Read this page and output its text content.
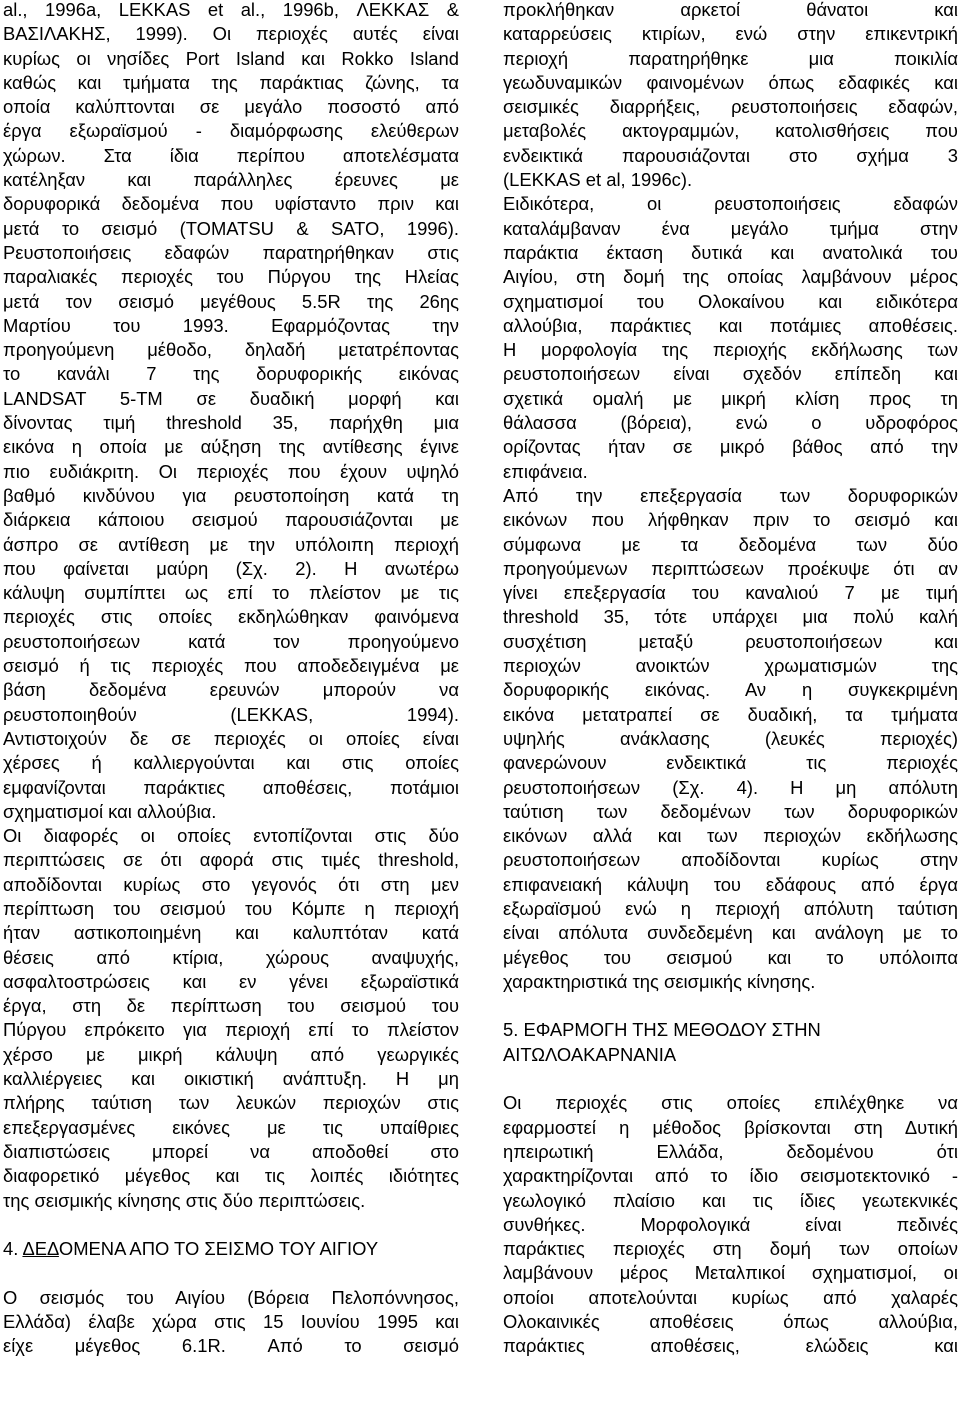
al., 1996a, LEKKAS et al., 1996b, ΛΕΚΚΑΣ &
ΒΑΣΙΛΑΚΗΣ, 1999). Οι περιοχές αυτές είναι
κυρίως οι νησίδες Port Island και Rokko Island
καθώς και τμήματα της παράκτιας ζώνης, τα
οποία καλύπτονται σε μεγάλο ποσοστό από
έργα εξωραϊσμού - διαμόρφωσης ελεύθερων
χώρων. Στα ίδια περίπου αποτελέσματα
κατέληξαν και παράλληλες έρευνες με
δορυφορικά δεδομένα που υφίσταντο πριν και
μετά το σεισμό (TOMATSU & SATO, 1996).
Ρευστοποιήσεις εδαφών παρατηρήθηκαν στις
παραλιακές περιοχές του Πύργου της Ηλείας
μετά τον σεισμό μεγέθους 5.5R της 26ης
Μαρτίου του 1993. Εφαρμόζοντας την
προηγούμενη μέθοδο, δηλαδή μετατρέποντας
το κανάλι 7 της δορυφορικής εικόνας
LANDSAT 5-TM σε δυαδική μορφή και
δίνοντας τιμή threshold 35, παρήχθη μια
εικόνα η οποία με αύξηση της αντίθεσης έγινε
πιο ευδιάκριτη. Οι περιοχές που έχουν υψηλό
βαθμό κινδύνου για ρευστοποίηση κατά τη
διάρκεια κάποιου σεισμού παρουσιάζονται με
άσπρο σε αντίθεση με την υπόλοιπη περιοχή
που φαίνεται μαύρη (Σχ. 2). Η ανωτέρω
κάλυψη συμπίπτει ως επί το πλείστον με τις
περιοχές στις οποίες εκδηλώθηκαν φαινόμενα
ρευστοποιήσεων κατά τον προηγούμενο
σεισμό ή τις περιοχές που αποδεδειγμένα με
βάση δεδομένα ερευνών μπορούν να
ρευστοποιηθούν (LEKKAS, 1994).
Αντιστοιχούν δε σε περιοχές οι οποίες είναι
χέρσες ή καλλιεργούνται και στις οποίες
εμφανίζονται παράκτιες αποθέσεις, ποτάμιοι
σχηματισμοί και αλλούβια.
Οι διαφορές οι οποίες εντοπίζονται στις δύο
περιπτώσεις σε ότι αφορά στις τιμές threshold,
αποδίδονται κυρίως στο γεγονός ότι στη μεν
περίπτωση του σεισμού του Κόμπε η περιοχή
ήταν αστικοποιημένη και καλυπτόταν κατά
θέσεις από κτίρια, χώρους αναψυχής,
ασφαλτοστρώσεις και εν γένει εξωραϊστικά
έργα, στη δε περίπτωση του σεισμού του
Πύργου επρόκειτο για περιοχή επί το πλείστον
χέρσο με μικρή κάλυψη από γεωργικές
καλλιέργειες και οικιστική ανάπτυξη. Η μη
πλήρης ταύτιση των λευκών περιοχών στις
επεξεργασμένες εικόνες με τις υπαίθριες
διαπιστώσεις μπορεί να αποδοθεί στο
διαφορετικό μέγεθος και τις λοιπές ιδιότητες
της σεισμικής κίνησης στις δύο περιπτώσεις.
4. ΔΕΔΟΜΕΝΑ ΑΠΟ ΤΟ ΣΕΙΣΜΟ ΤΟΥ ΑΙΓΙΟΥ
Ο σεισμός του Αιγίου (Βόρεια Πελοπόννησος,
Ελλάδα) έλαβε χώρα στις 15 Ιουνίου 1995 και
είχε μέγεθος 6.1R. Από το σεισμό
προκλήθηκαν αρκετοί θάνατοι και
καταρρεύσεις κτιρίων, ενώ στην επικεντρική
περιοχή παρατηρήθηκε μια ποικιλία
γεωδυναμικών φαινομένων όπως εδαφικές και
σεισμικές διαρρήξεις, ρευστοποιήσεις εδαφών,
μεταβολές ακτογραμμών, κατολισθήσεις που
ενδεικτικά παρουσιάζονται στο σχήμα 3
(LEKKAS et al, 1996c).
Ειδικότερα, οι ρευστοποιήσεις εδαφών
καταλάμβαναν ένα μεγάλο τμήμα στην
παράκτια έκταση δυτικά και ανατολικά του
Αιγίου, στη δομή της οποίας λαμβάνουν μέρος
σχηματισμοί του Ολοκαίνου και ειδικότερα
αλλούβια, παράκτιες και ποτάμιες αποθέσεις.
Η μορφολογία της περιοχής εκδήλωσης των
ρευστοποιήσεων είναι σχεδόν επίπεδη και
σχετικά ομαλή με μικρή κλίση προς τη
θάλασσα (βόρεια), ενώ ο υδροφόρος
ορίζοντας ήταν σε μικρό βάθος από την
επιφάνεια.
Από την επεξεργασία των δορυφορικών
εικόνων που λήφθηκαν πριν το σεισμό και
σύμφωνα με τα δεδομένα των δύο
προηγούμενων περιπτώσεων προέκυψε ότι αν
γίνει επεξεργασία του καναλιού 7 με τιμή
threshold 35, τότε υπάρχει μια πολύ καλή
συσχέτιση μεταξύ ρευστοποιήσεων και
περιοχών ανοικτών χρωματισμών της
δορυφορικής εικόνας. Αν η συγκεκριμένη
εικόνα μετατραπεί σε δυαδική, τα τμήματα
υψηλής ανάκλασης (λευκές περιοχές)
φανερώνουν ενδεικτικά τις περιοχές
ρευστοποιήσεων (Σχ. 4). Η μη απόλυτη
ταύτιση των δεδομένων των δορυφορικών
εικόνων αλλά και των περιοχών εκδήλωσης
ρευστοποιήσεων αποδίδονται κυρίως στην
επιφανειακή κάλυψη του εδάφους από έργα
εξωραϊσμού ενώ η περιοχή απόλυτη ταύτιση
είναι απόλυτα συνδεδεμένη και ανάλογη με το
μέγεθος του σεισμού και το υπόλοιπα
χαρακτηριστικά της σεισμικής κίνησης.
5. ΕΦΑΡΜΟΓΗ ΤΗΣ ΜΕΘΟΔΟΥ ΣΤΗΝ
ΑΙΤΩΛΟΑΚΑΡΝΑΝΙΑ
Οι περιοχές στις οποίες επιλέχθηκε να
εφαρμοστεί η μέθοδος βρίσκονται στη Δυτική
ηπειρωτική Ελλάδα, δεδομένου ότι
χαρακτηρίζονται από το ίδιο σεισμοτεκτονικό -
γεωλογικό πλαίσιο και τις ίδιες γεωτεκνικές
συνθήκες. Μορφολογικά είναι πεδινές
παράκτιες περιοχές στη δομή των οποίων
λαμβάνουν μέρος Μεταλπικοί σχηματισμοί, οι
οποίοι αποτελούνται κυρίως από χαλαρές
Ολοκαινικές αποθέσεις όπως αλλούβια,
παράκτιες αποθέσεις, ελώδεις και
